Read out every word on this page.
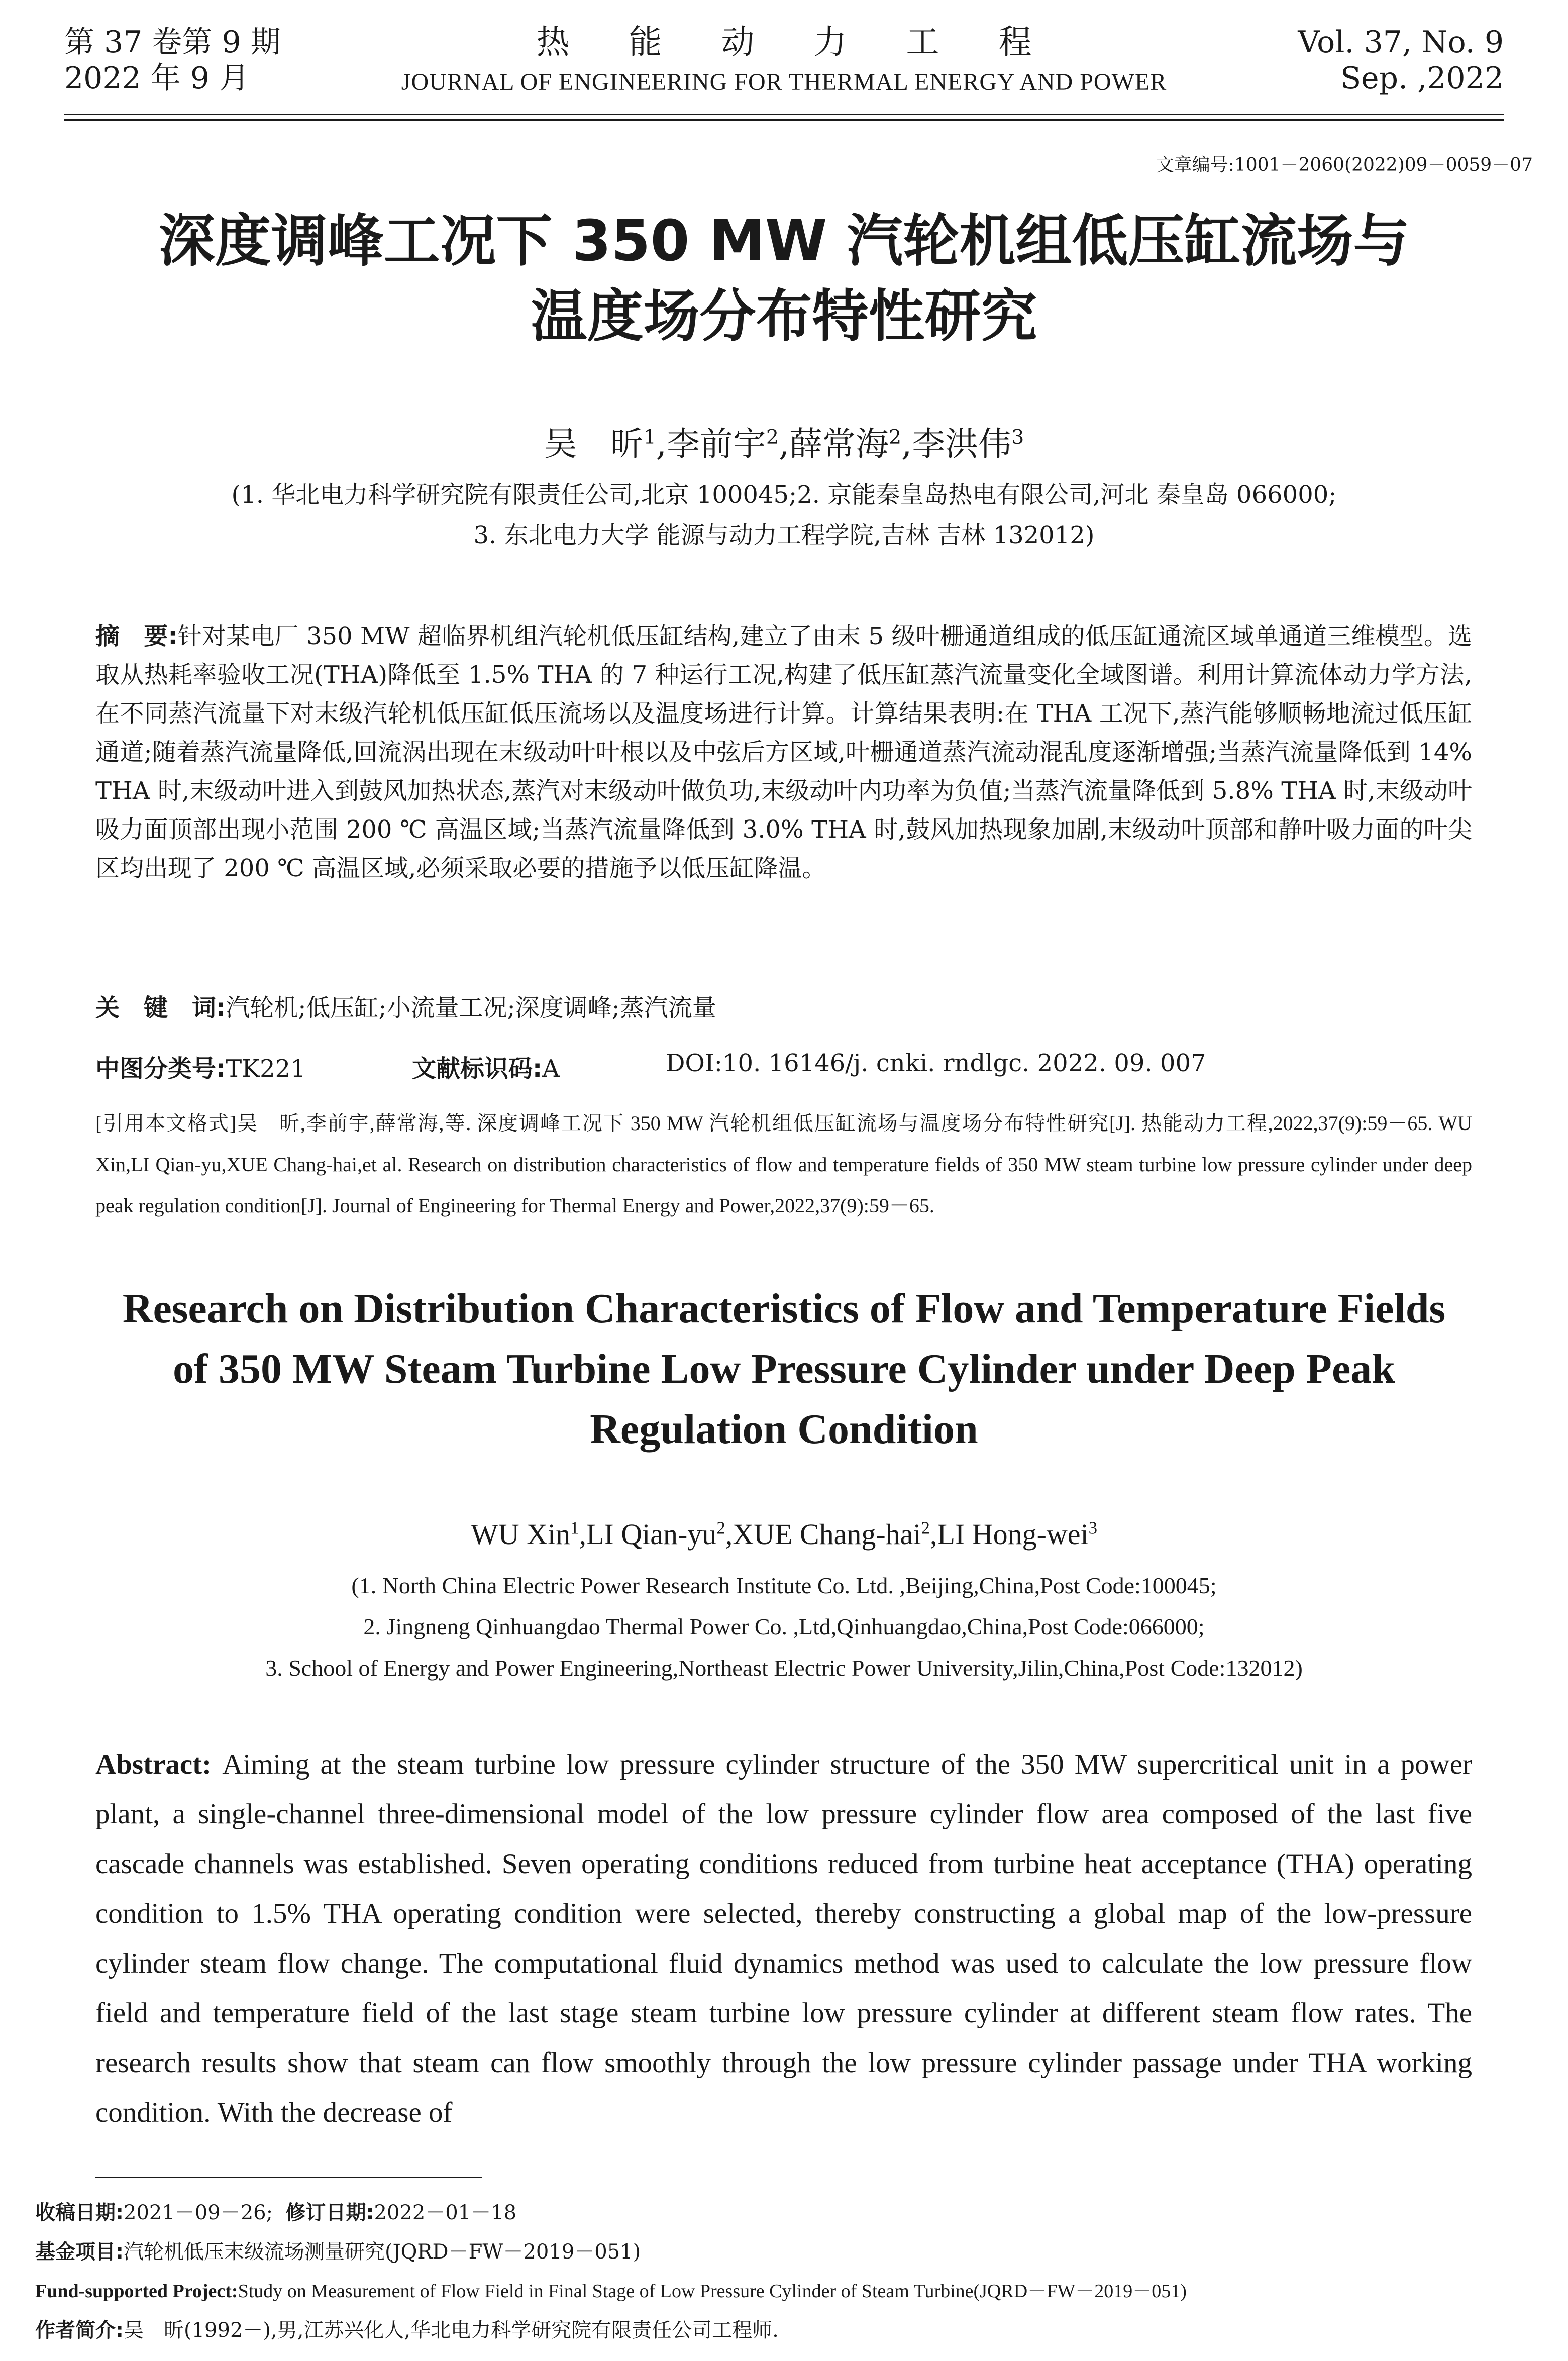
第 37 卷第 9 期
2022 年 9 月
热能动力工程
JOURNAL OF ENGINEERING FOR THERMAL ENERGY AND POWER
Vol. 37, No. 9
Sep. ,2022
文章编号:1001－2060(2022)09－0059－07
深度调峰工况下 350 MW 汽轮机组低压缸流场与
温度场分布特性研究
吴　昕$^1$,李前宇$^2$,薛常海$^2$,李洪伟$^3$
(1. 华北电力科学研究院有限责任公司,北京 100045;2. 京能秦皇岛热电有限公司,河北 秦皇岛 066000;
3. 东北电力大学 能源与动力工程学院,吉林 吉林 132012)
摘　要:针对某电厂 350 MW 超临界机组汽轮机低压缸结构,建立了由末 5 级叶栅通道组成的低压缸通流区域单通道三维模型。选取从热耗率验收工况(THA)降低至 1.5% THA 的 7 种运行工况,构建了低压缸蒸汽流量变化全域图谱。利用计算流体动力学方法,在不同蒸汽流量下对末级汽轮机低压缸低压流场以及温度场进行计算。计算结果表明:在 THA 工况下,蒸汽能够顺畅地流过低压缸通道;随着蒸汽流量降低,回流涡出现在末级动叶叶根以及中弦后方区域,叶栅通道蒸汽流动混乱度逐渐增强;当蒸汽流量降低到 14% THA 时,末级动叶进入到鼓风加热状态,蒸汽对末级动叶做负功,末级动叶内功率为负值;当蒸汽流量降低到 5.8% THA 时,末级动叶吸力面顶部出现小范围 200 ℃ 高温区域;当蒸汽流量降低到 3.0% THA 时,鼓风加热现象加剧,末级动叶顶部和静叶吸力面的叶尖区均出现了 200 ℃ 高温区域,必须采取必要的措施予以低压缸降温。
关　键　词:汽轮机;低压缸;小流量工况;深度调峰;蒸汽流量
中图分类号:TK221	文献标识码:A	DOI:10. 16146/j. cnki. rndlgc. 2022. 09. 007
[引用本文格式]吴　昕,李前宇,薛常海,等. 深度调峰工况下 350 MW 汽轮机组低压缸流场与温度场分布特性研究[J]. 热能动力工程,2022,37(9):59－65. WU Xin,LI Qian-yu,XUE Chang-hai,et al. Research on distribution characteristics of flow and temperature fields of 350 MW steam turbine low pressure cylinder under deep peak regulation condition[J]. Journal of Engineering for Thermal Energy and Power,2022,37(9):59－65.
Research on Distribution Characteristics of Flow and Temperature Fields
of 350 MW Steam Turbine Low Pressure Cylinder under Deep Peak
Regulation Condition
WU Xin$^1$,LI Qian-$yu^2,XUE$ Chang-hai$^2$,LI Hong-wei$^3$
(1. North China Electric Power Research Institute Co. Ltd. ,Beijing,China,Post Code:100045;
2. Jingneng Qinhuangdao Thermal Power Co. ,Ltd,Qinhuangdao,China,Post Code:066000;
3. School of Energy and Power Engineering,Northeast Electric Power University,Jilin,China,Post Code:132012)
Abstract: Aiming at the steam turbine low pressure cylinder structure of the 350 MW supercritical unit in a power plant, a single-channel three-dimensional model of the low pressure cylinder flow area composed of the last five cascade channels was established. Seven operating conditions reduced from turbine heat acceptance (THA) operating condition to 1.5% THA operating condition were selected, thereby constructing a global map of the low-pressure cylinder steam flow change. The computational fluid dynamics method was used to calculate the low pressure flow field and temperature field of the last stage steam turbine low pressure cylinder at different steam flow rates. The research results show that steam can flow smoothly through the low pressure cylinder passage under THA working condition. With the decrease of
收稿日期:2021－09－26; 修订日期:2022－01－18
基金项目:汽轮机低压末级流场测量研究(JQRD－FW－2019－051)
Fund-supported Project:Study on Measurement of Flow Field in Final Stage of Low Pressure Cylinder of Steam Turbine(JQRD－FW－2019－051)
作者简介:吴　昕(1992－),男,江苏兴化人,华北电力科学研究院有限责任公司工程师.
